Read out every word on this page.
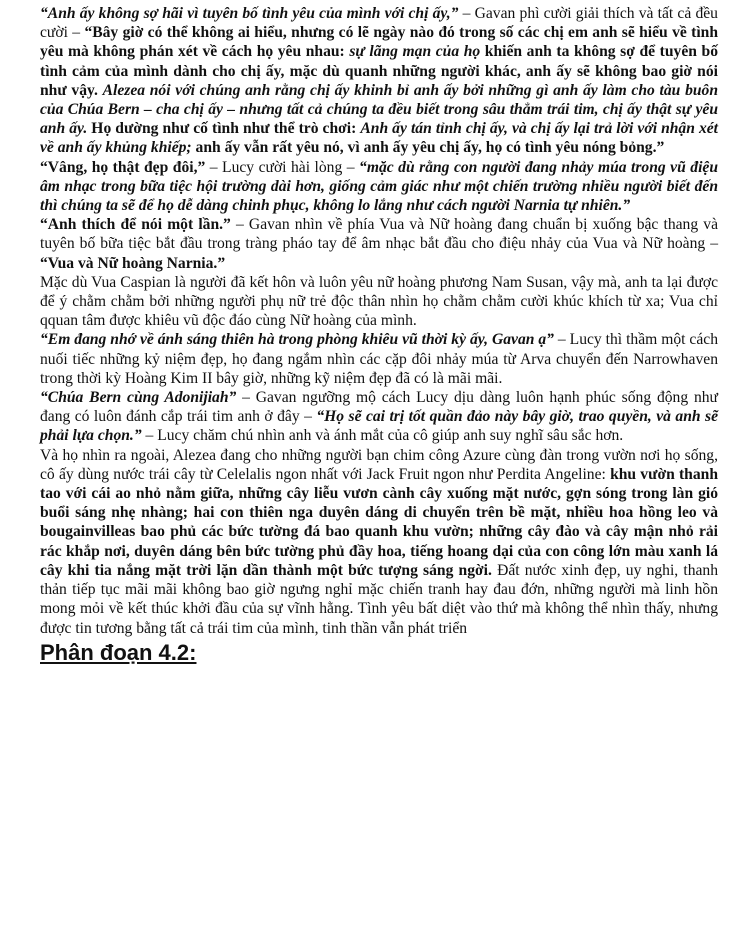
“Anh ấy không sợ hãi vì tuyên bố tình yêu của mình với chị ấy,” – Gavan phì cười giải thích và tất cả đều cười – “Bây giờ có thể không ai hiểu, nhưng có lẽ ngày nào đó trong số các chị em anh sẽ hiểu về tình yêu mà không phán xét về cách họ yêu nhau: sự lãng mạn của họ khiến anh ta không sợ để tuyên bố tình cảm của mình dành cho chị ấy, mặc dù quanh những người khác, anh ấy sẽ không bao giờ nói như vậy. Alezea nói với chúng anh rằng chị ấy khinh bỉ anh ấy bởi những gì anh ấy làm cho tàu buôn của Chúa Bern – cha chị ấy – nhưng tất cả chúng ta đều biết trong sâu thẳm trái tim, chị ấy thật sự yêu anh ấy. Họ dường như cố tình như thể trò chơi: Anh ấy tán tỉnh chị ấy, và chị ấy lại trả lời với nhận xét về anh ấy khủng khiếp; anh ấy vẫn rất yêu nó, vì anh ấy yêu chị ấy, họ có tình yêu nóng bỏng.”

“Vâng, họ thật đẹp đôi,” – Lucy cười hài lòng – “mặc dù rằng con người đang nhảy múa trong vũ điệu âm nhạc trong bữa tiệc hội trường dài hơn, giống cảm giác như một chiến trường nhiều người biết đến thì chúng ta sẽ để họ dễ dàng chinh phục, không lo lắng như cách người Narnia tự nhiên.”

“Anh thích để nói một lần.” – Gavan nhìn về phía Vua và Nữ hoàng đang chuẩn bị xuống bậc thang và tuyên bố bữa tiệc bắt đầu trong tràng pháo tay để âm nhạc bắt đầu cho điệu nhảy của Vua và Nữ hoàng – “Vua và Nữ hoàng Narnia.”

Mặc dù Vua Caspian là người đã kết hôn và luôn yêu nữ hoàng phương Nam Susan, vậy mà, anh ta lại được để ý chằm chằm bởi những người phụ nữ trẻ độc thân nhìn họ chằm chằm cười khúc khích từ xa; Vua chỉ qquan tâm được khiêu vũ độc đáo cùng Nữ hoàng của mình.

“Em đang nhớ về ánh sáng thiên hà trong phòng khiêu vũ thời kỳ ấy, Gavan ạ” – Lucy thì thầm một cách nuối tiếc những kỷ niệm đẹp, họ đang ngắm nhìn các cặp đôi nhảy múa từ Arva chuyển đến Narrowhaven trong thời kỳ Hoàng Kim II bây giờ, những kỹ niệm đẹp đã có là mãi mãi.

“Chúa Bern cùng Adonijiah” – Gavan ngưỡng mộ cách Lucy dịu dàng luôn hạnh phúc sống động như đang có luôn đánh cắp trái tim anh ở đây – “Họ sẽ cai trị tốt quần đảo này bây giờ, trao quyền, và anh sẽ phải lựa chọn.” – Lucy chăm chú nhìn anh và ánh mắt của cô giúp anh suy nghĩ sâu sắc hơn.

Và họ nhìn ra ngoài, Alezea đang cho những người bạn chim công Azure cùng đàn trong vườn nơi họ sống, cô ấy dùng nước trái cây từ Celelalis ngon nhất với Jack Fruit ngon như Perdita Angeline: khu vườn thanh tao với cái ao nhỏ nằm giữa, những cây liễu vươn cành cây xuống mặt nước, gợn sóng trong làn gió buổi sáng nhẹ nhàng; hai con thiên nga duyên dáng di chuyển trên bề mặt, nhiều hoa hồng leo và bougainvilleas bao phủ các bức tường đá bao quanh khu vườn; những cây đào và cây mận nhỏ rải rác khắp nơi, duyên dáng bên bức tường phủ đầy hoa, tiếng hoang dại của con công lớn màu xanh lá cây khi tia nắng mặt trời lặn dần thành một bức tượng sáng ngời. Đất nước xinh đẹp, uy nghi, thanh thản tiếp tục mãi mãi không bao giờ ngưng nghỉ mặc chiến tranh hay đau đớn, những người mà linh hồn mong mỏi về kết thúc khởi đầu của sự vĩnh hằng. Tình yêu bất diệt vào thứ mà không thể nhìn thấy, nhưng được tin tương bằng tất cả trái tim của mình, tinh thần vẫn phát triển

Phân đoạn 4.2:
